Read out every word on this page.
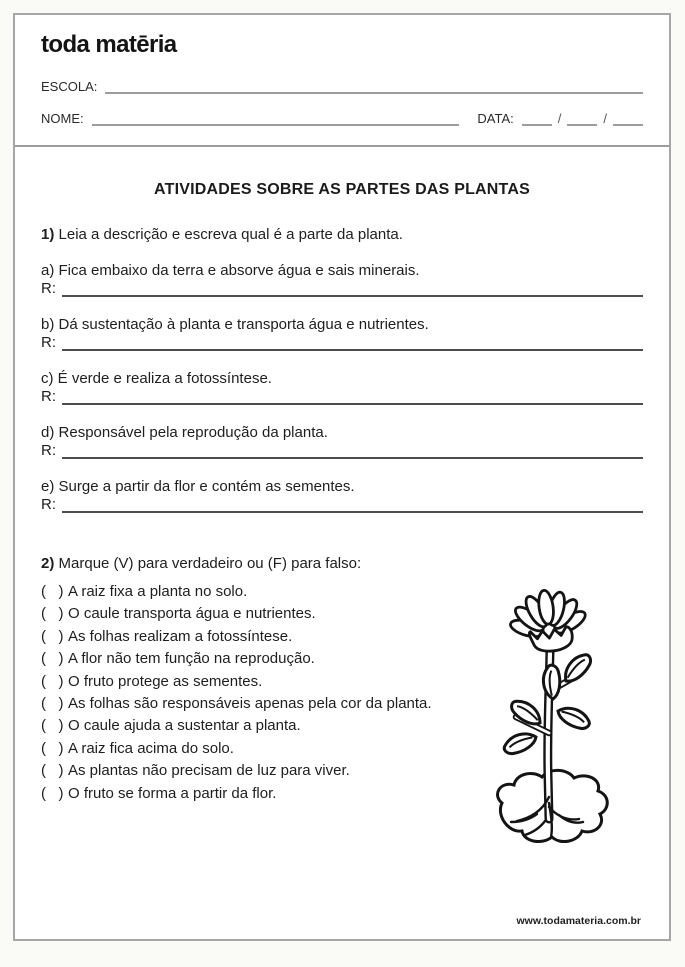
toda matēria
ESCOLA:
NOME:	DATA:	/	/
ATIVIDADES SOBRE AS PARTES DAS PLANTAS
1) Leia a descrição e escreva qual é a parte da planta.
a) Fica embaixo da terra e absorve água e sais minerais.
R:
b) Dá sustentação à planta e transporta água e nutrientes.
R:
c) É verde e realiza a fotossíntese.
R:
d) Responsável pela reprodução da planta.
R:
e) Surge a partir da flor e contém as sementes.
R:
2) Marque (V) para verdadeiro ou (F) para falso:
(   ) A raiz fixa a planta no solo.
(   ) O caule transporta água e nutrientes.
(   ) As folhas realizam a fotossíntese.
(   ) A flor não tem função na reprodução.
(   ) O fruto protege as sementes.
(   ) As folhas são responsáveis apenas pela cor da planta.
(   ) O caule ajuda a sustentar a planta.
(   ) A raiz fica acima do solo.
(   ) As plantas não precisam de luz para viver.
(   ) O fruto se forma a partir da flor.
www.todamateria.com.br
